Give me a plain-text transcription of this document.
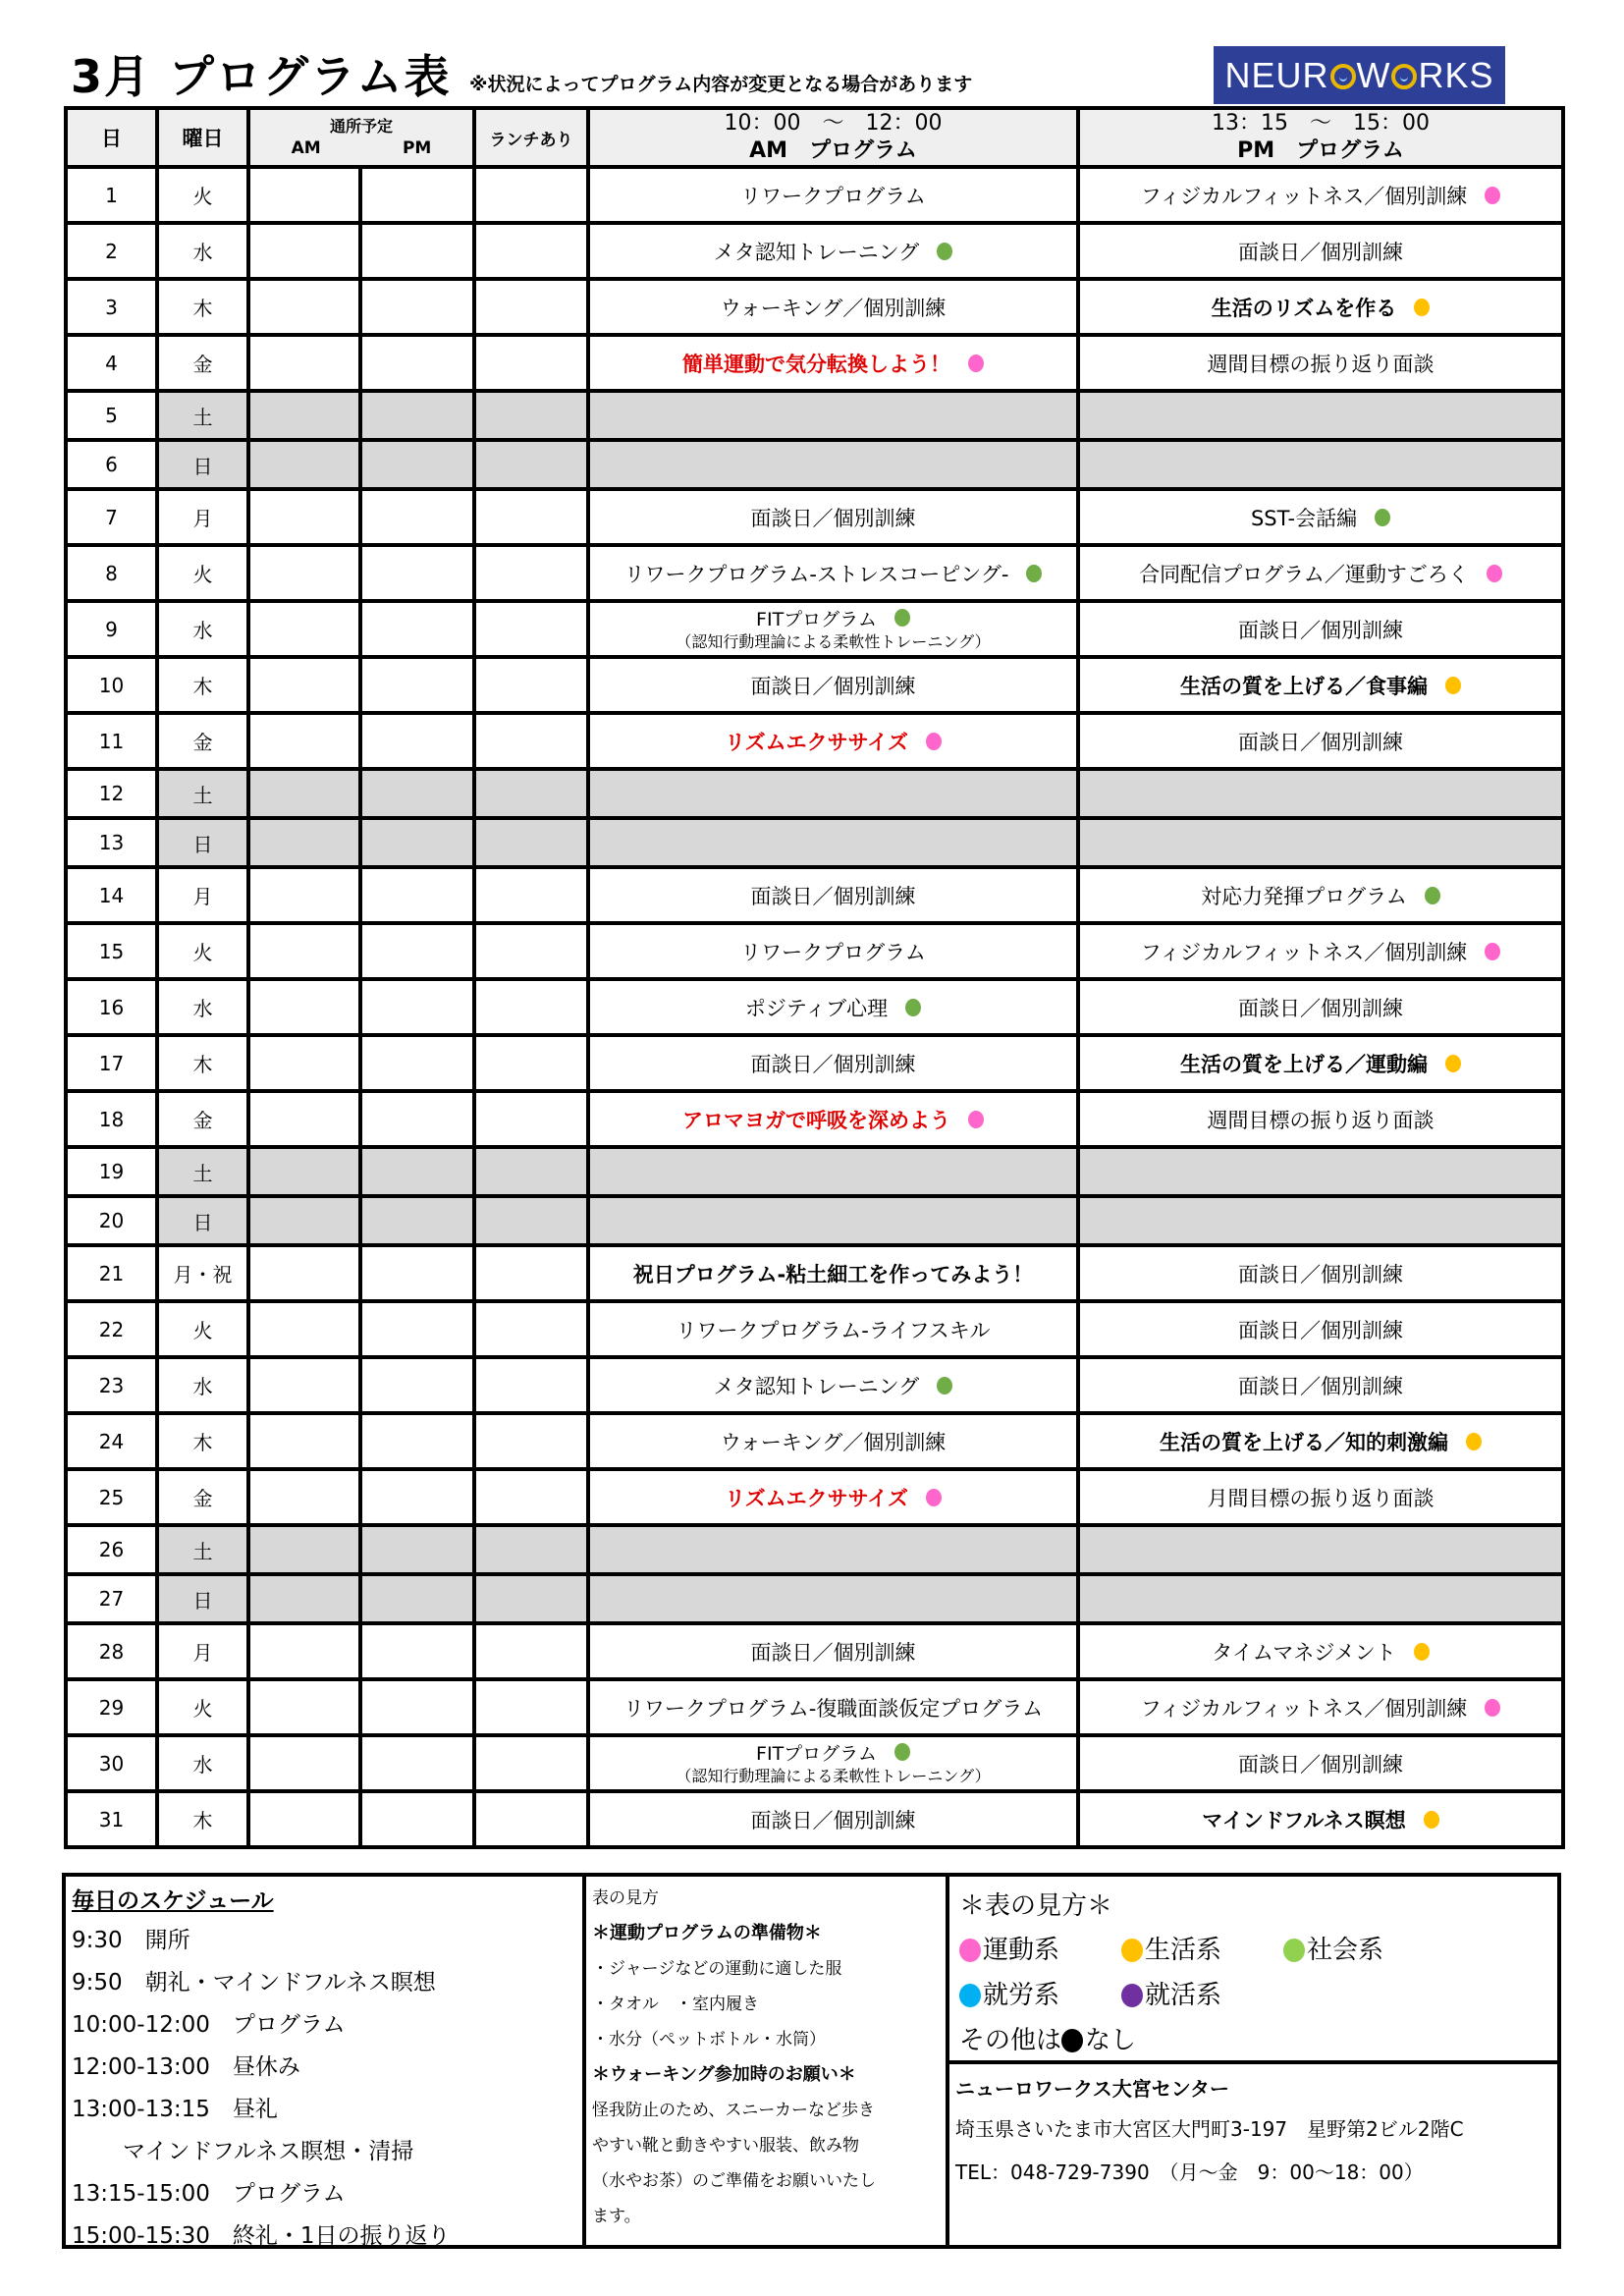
3月 プログラム表 ※状況によってプログラム内容が変更となる場合があります	NEUR W RKS
日	曜日	通所予定
AM PM		ランチあり	10：00　～　12：00
AM　プログラム	13：15　～　15：00
PM　プログラム
1	火				リワークプログラム	フィジカルフィットネス／個別訓練
2	水				メタ認知トレーニング	面談日／個別訓練
3	木				ウォーキング／個別訓練	生活のリズムを作る
4	金				簡単運動で気分転換しよう！	週間目標の振り返り面談
5	土					
6	日					
7	月				面談日／個別訓練	SST-会話編
8	火				リワークプログラム-ストレスコーピング-	合同配信プログラム／運動すごろく
9	水				FITプログラム
（認知行動理論による柔軟性トレーニング）	面談日／個別訓練
10	木				面談日／個別訓練	生活の質を上げる／食事編
11	金				リズムエクササイズ	面談日／個別訓練
12	土					
13	日					
14	月				面談日／個別訓練	対応力発揮プログラム
15	火				リワークプログラム	フィジカルフィットネス／個別訓練
16	水				ポジティブ心理	面談日／個別訓練
17	木				面談日／個別訓練	生活の質を上げる／運動編
18	金				アロマヨガで呼吸を深めよう	週間目標の振り返り面談
19	土					
20	日					
21	月・祝				祝日プログラム-粘土細工を作ってみよう！	面談日／個別訓練
22	火				リワークプログラム-ライフスキル	面談日／個別訓練
23	水				メタ認知トレーニング	面談日／個別訓練
24	木				ウォーキング／個別訓練	生活の質を上げる／知的刺激編
25	金				リズムエクササイズ	月間目標の振り返り面談
26	土					
27	日					
28	月				面談日／個別訓練	タイムマネジメント
29	火				リワークプログラム-復職面談仮定プログラム	フィジカルフィットネス／個別訓練
30	水				FITプログラム
（認知行動理論による柔軟性トレーニング）	面談日／個別訓練
31	木				面談日／個別訓練	マインドフルネス瞑想
毎日のスケジュール
9:30　 開所
9:50　 朝礼・マインドフルネス瞑想
10:00-12:00　 プログラム
12:00-13:00　 昼休み
13:00-13:15　 昼礼
マインドフルネス瞑想・清掃
13:15-15:00　 プログラム
15:00-15:30　 終礼・1日の振り返り
表の見方
＊運動プログラムの準備物＊
・ジャージなどの運動に適した服
・タオル　・室内履き
・水分（ペットボトル・水筒）
＊ウォーキング参加時のお願い＊
怪我防止のため、スニーカーなど歩き
やすい靴と動きやすい服装、飲み物
（水やお茶）のご準備をお願いいたし
ます。
＊表の見方＊
運動系	生活系	社会系
就労系	就活系
その他は なし
ニューロワークス大宮センター
埼玉県さいたま市大宮区大門町3-197　星野第2ビル2階C
TEL：048-729-7390　（月～金　9：00～18：00）
